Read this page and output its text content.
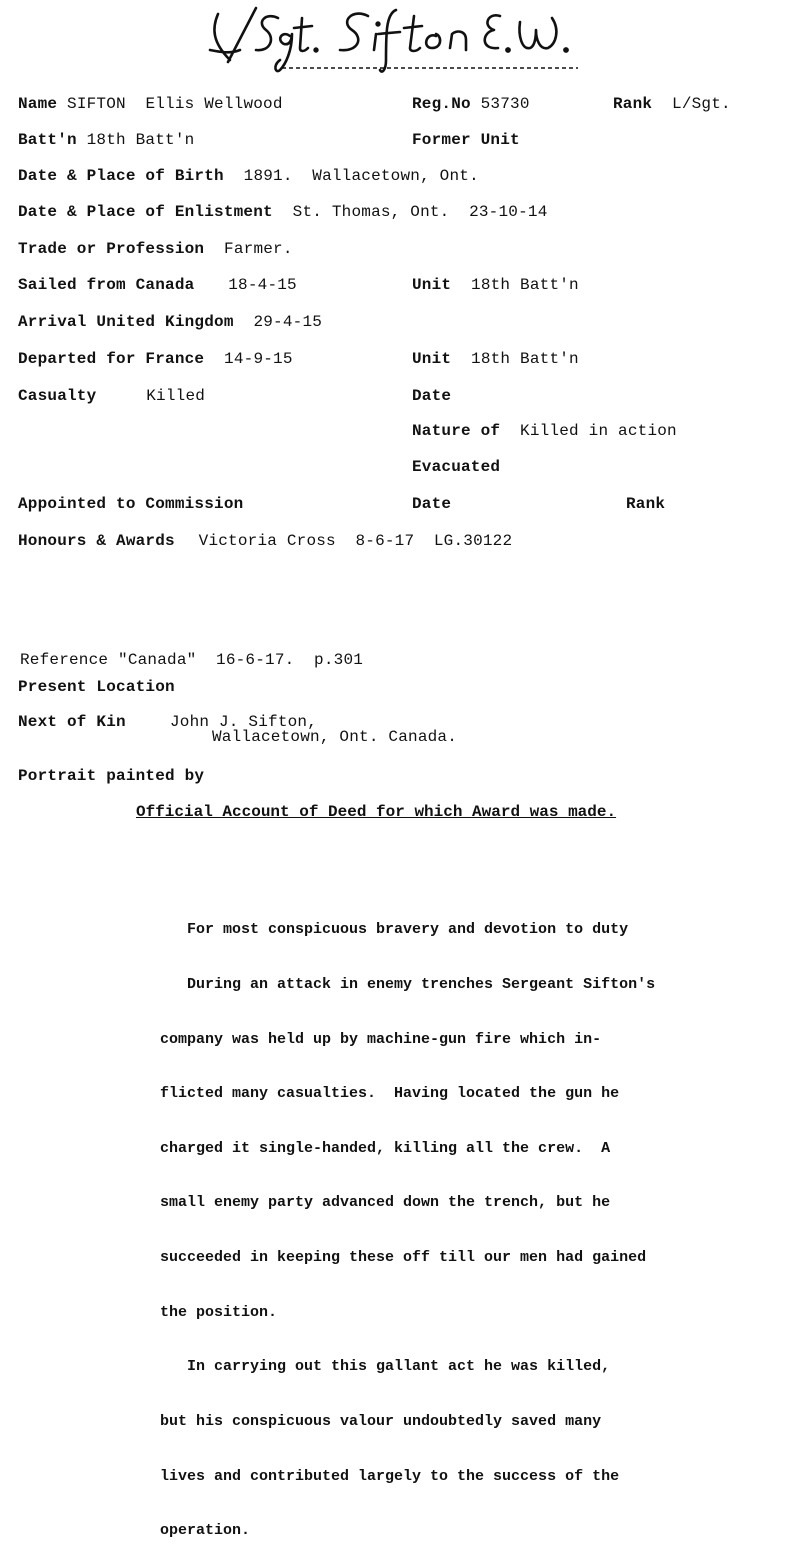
Name SIFTON  Ellis Wellwood	Reg.No 53730	Rank L/Sgt.
Batt'n 18th Batt'n	Former Unit
Date & Place of Birth 1891.  Wallacetown, Ont.
Date & Place of Enlistment St. Thomas, Ont.  23-10-14
Trade or Profession Farmer.
Sailed from Canada 18-4-15	Unit 18th Batt'n
Arrival United Kingdom 29-4-15
Departed for France 14-9-15	Unit 18th Batt'n
Casualty	Killed	Date
Nature of Killed in action
Evacuated
Appointed to Commission	Date	Rank
Honours & Awards Victoria Cross  8-6-17  LG.30122
Reference "Canada"  16-6-17.  p.301
Present Location
Next of Kin	John J. Sifton,
Wallacetown, Ont. Canada.
Portrait painted by
Official Account of Deed for which Award was made.

For most conspicuous bravery and devotion to duty

During an attack in enemy trenches Sergeant Sifton's

company was held up by machine-gun fire which in-

flicted many casualties.  Having located the gun he

charged it single-handed, killing all the crew.  A

small enemy party advanced down the trench, but he

succeeded in keeping these off till our men had gained

the position.

In carrying out this gallant act he was killed,

but his conspicuous valour undoubtedly saved many

lives and contributed largely to the success of the

operation.
